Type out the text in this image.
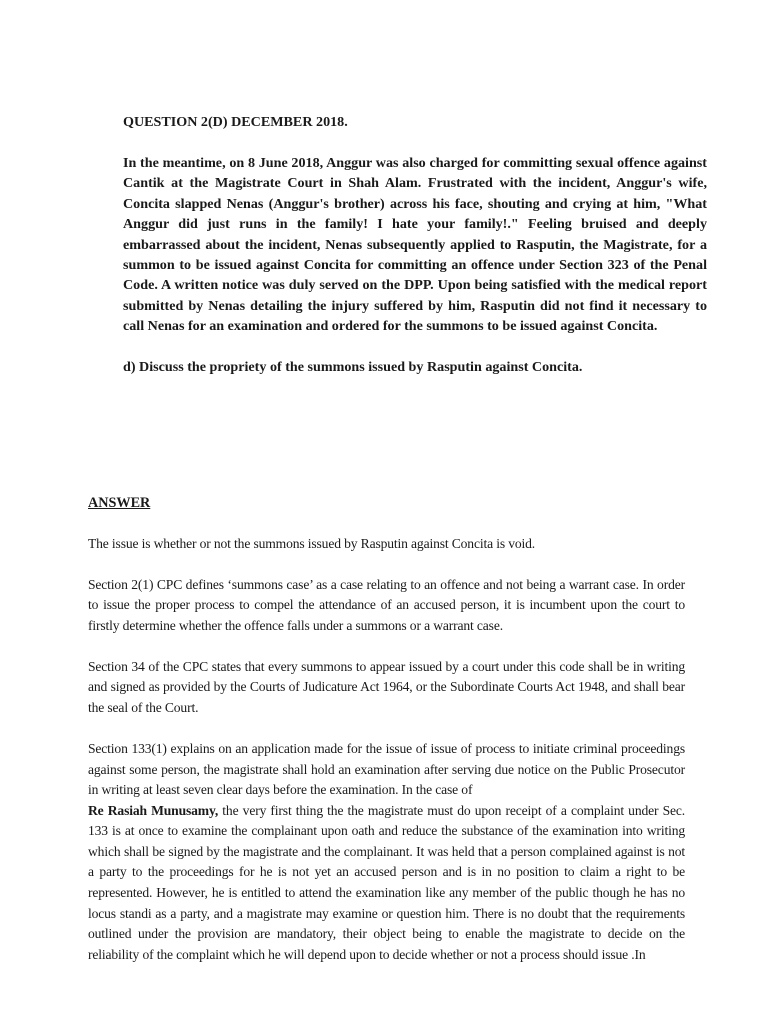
QUESTION 2(D) DECEMBER 2018.

In the meantime, on 8 June 2018, Anggur was also charged for committing sexual offence against Cantik at the Magistrate Court in Shah Alam. Frustrated with the incident, Anggur's wife, Concita slapped Nenas (Anggur's brother) across his face, shouting and crying at him, "What Anggur did just runs in the family! I hate your family!." Feeling bruised and deeply embarrassed about the incident, Nenas subsequently applied to Rasputin, the Magistrate, for a summon to be issued against Concita for committing an offence under Section 323 of the Penal Code. A written notice was duly served on the DPP. Upon being satisfied with the medical report submitted by Nenas detailing the injury suffered by him, Rasputin did not find it necessary to call Nenas for an examination and ordered for the summons to be issued against Concita.

d) Discuss the propriety of the summons issued by Rasputin against Concita.

ANSWER

The issue is whether or not the summons issued by Rasputin against Concita is void.

Section 2(1) CPC defines ‘summons case’ as a case relating to an offence and not being a warrant case. In order to issue the proper process to compel the attendance of an accused person, it is incumbent upon the court to firstly determine whether the offence falls under a summons or a warrant case.

Section 34 of the CPC states that every summons to appear issued by a court under this code shall be in writing and signed as provided by the Courts of Judicature Act 1964, or the Subordinate Courts Act 1948, and shall bear the seal of the Court.

Section 133(1) explains on an application made for the issue of issue of process to initiate criminal proceedings against some person, the magistrate shall hold an examination after serving due notice on the Public Prosecutor in writing at least seven clear days before the examination. In the case of
Re Rasiah Munusamy, the very first thing the the magistrate must do upon receipt of a complaint under Sec. 133 is at once to examine the complainant upon oath and reduce the substance of the examination into writing which shall be signed by the magistrate and the complainant. It was held that a person complained against is not a party to the proceedings for he is not yet an accused person and is in no position to claim a right to be represented. However, he is entitled to attend the examination like any member of the public though he has no locus standi as a party, and a magistrate may examine or question him. There is no doubt that the requirements outlined under the provision are mandatory, their object being to enable the magistrate to decide on the reliability of the complaint which he will depend upon to decide whether or not a process should issue .In
